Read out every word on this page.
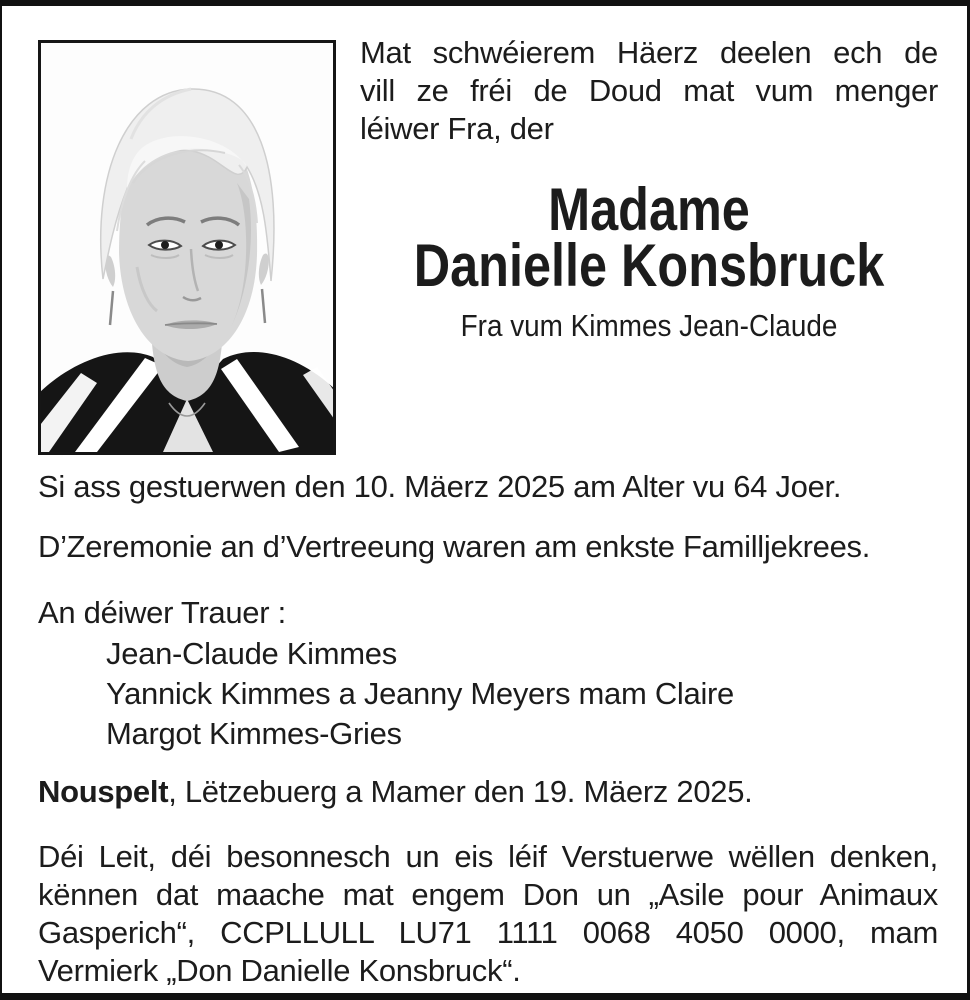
Mat schwéierem Häerz deelen ech de
vill ze fréi de Doud mat vum menger
léiwer Fra, der
Madame
Danielle Konsbruck
Fra vum Kimmes Jean-Claude
Si ass gestuerwen den 10. Mäerz 2025 am Alter vu 64 Joer.
D’Zeremonie an d’Vertreeung waren am enkste Familljekrees.
An déiwer Trauer :
Jean-Claude Kimmes
Yannick Kimmes a Jeanny Meyers mam Claire
Margot Kimmes-Gries
Nouspelt, Lëtzebuerg a Mamer den 19. Mäerz 2025.
Déi Leit, déi besonnesch un eis léif Verstuerwe wëllen denken,
kënnen dat maache mat engem Don un „Asile pour Animaux
Gasperich“, CCPLLULL LU71 1111 0068 4050 0000, mam
Vermierk „Don Danielle Konsbruck“.
